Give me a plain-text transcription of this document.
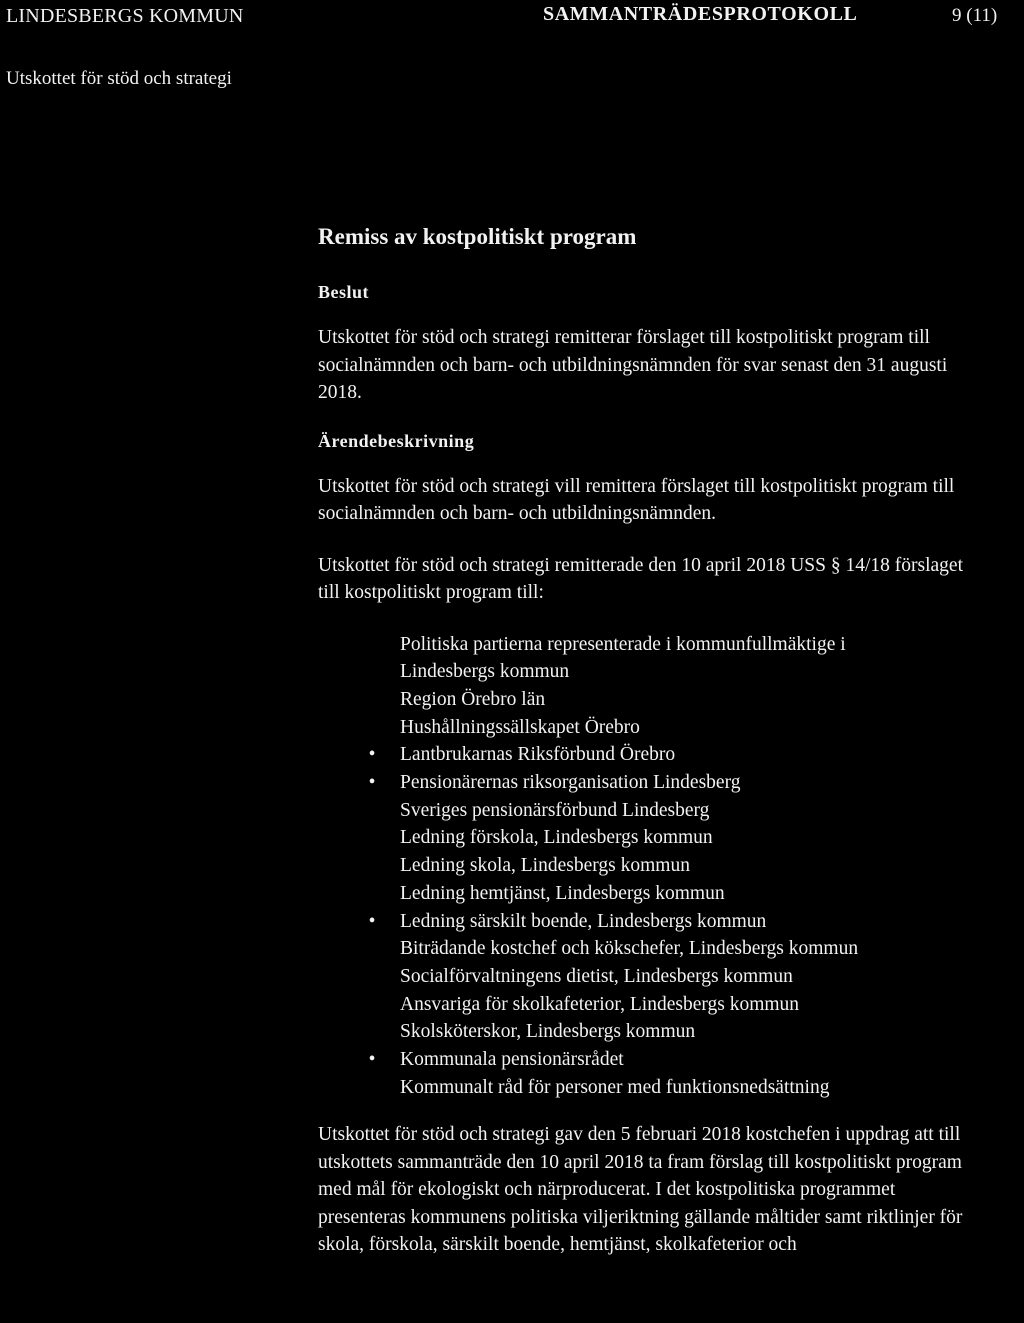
LINDESBERGS KOMMUN	SAMMANTRÄDESPROTOKOLL	9 (11)
Utskottet för stöd och strategi
Remiss av kostpolitiskt program
Beslut

Utskottet för stöd och strategi remitterar förslaget till kostpolitiskt program till socialnämnden och barn- och utbildningsnämnden för svar senast den 31 augusti 2018.

Ärendebeskrivning

Utskottet för stöd och strategi vill remittera förslaget till kostpolitiskt program till socialnämnden och barn- och utbildningsnämnden.

Utskottet för stöd och strategi remitterade den 10 april 2018 USS § 14/18 förslaget till kostpolitiskt program till:

Politiska partierna representerade i kommunfullmäktige i
Lindesbergs kommun
Region Örebro län
Hushållningssällskapet Örebro
• Lantbrukarnas Riksförbund Örebro
• Pensionärernas riksorganisation Lindesberg
Sveriges pensionärsförbund Lindesberg
Ledning förskola, Lindesbergs kommun
Ledning skola, Lindesbergs kommun
Ledning hemtjänst, Lindesbergs kommun
• Ledning särskilt boende, Lindesbergs kommun
Biträdande kostchef och kökschefer, Lindesbergs kommun
Socialförvaltningens dietist, Lindesbergs kommun
Ansvariga för skolkafeterior, Lindesbergs kommun
Skolsköterskor, Lindesbergs kommun
• Kommunala pensionärsrådet
Kommunalt råd för personer med funktionsnedsättning

Utskottet för stöd och strategi gav den 5 februari 2018 kostchefen i uppdrag att till utskottets sammanträde den 10 april 2018 ta fram förslag till kostpolitiskt program med mål för ekologiskt och närproducerat. I det kostpolitiska programmet presenteras kommunens politiska viljeriktning gällande måltider samt riktlinjer för skola, förskola, särskilt boende, hemtjänst, skolkafeterior och
